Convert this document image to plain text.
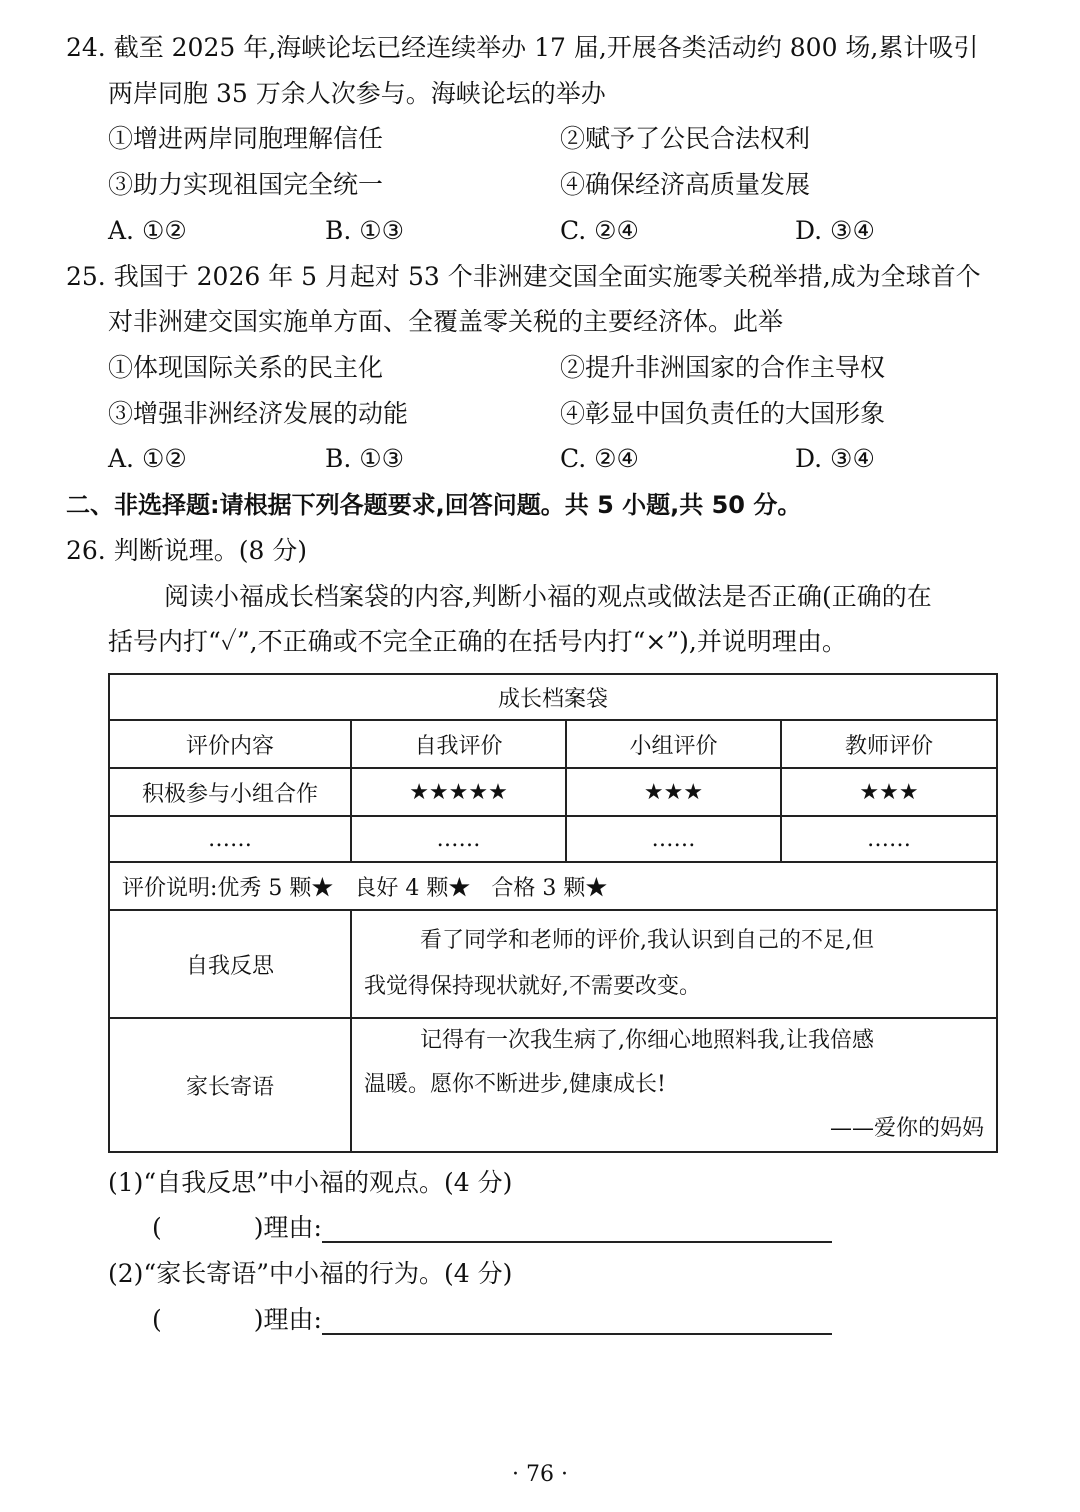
24. 截至 2025 年,海峡论坛已经连续举办 17 届,开展各类活动约 800 场,累计吸引
两岸同胞 35 万余人次参与。海峡论坛的举办
①增进两岸同胞理解信任	②赋予了公民合法权利
③助力实现祖国完全统一	④确保经济高质量发展
A. ①②	B. ①③	C. ②④	D. ③④
25. 我国于 2026 年 5 月起对 53 个非洲建交国全面实施零关税举措,成为全球首个
对非洲建交国实施单方面、全覆盖零关税的主要经济体。此举
①体现国际关系的民主化	②提升非洲国家的合作主导权
③增强非洲经济发展的动能	④彰显中国负责任的大国形象
A. ①②	B. ①③	C. ②④	D. ③④
二、非选择题:请根据下列各题要求,回答问题。共 5 小题,共 50 分。
26. 判断说理。(8 分)
阅读小福成长档案袋的内容,判断小福的观点或做法是否正确(正确的在
括号内打“✓”,不正确或不完全正确的在括号内打“×”),并说明理由。
成长档案袋			
评价内容	自我评价	小组评价	教师评价
积极参与小组合作	★★★★★	★★★	★★★
……	……	……	……
评价说明:优秀 5 颗★   良好 4 颗★   合格 3 颗★			
自我反思	看了同学和老师的评价,我认识到自己的不足,但
我觉得保持现状就好,不需要改变。		

家长寄语	记得有一次我生病了,你细心地照料我,让我倍感
温暖。愿你不断进步,健康成长!
——爱你的妈妈		
(1)“自我反思”中小福的观点。(4 分)
(	)理由:
(2)“家长寄语”中小福的行为。(4 分)
(	)理由:
· 76 ·
